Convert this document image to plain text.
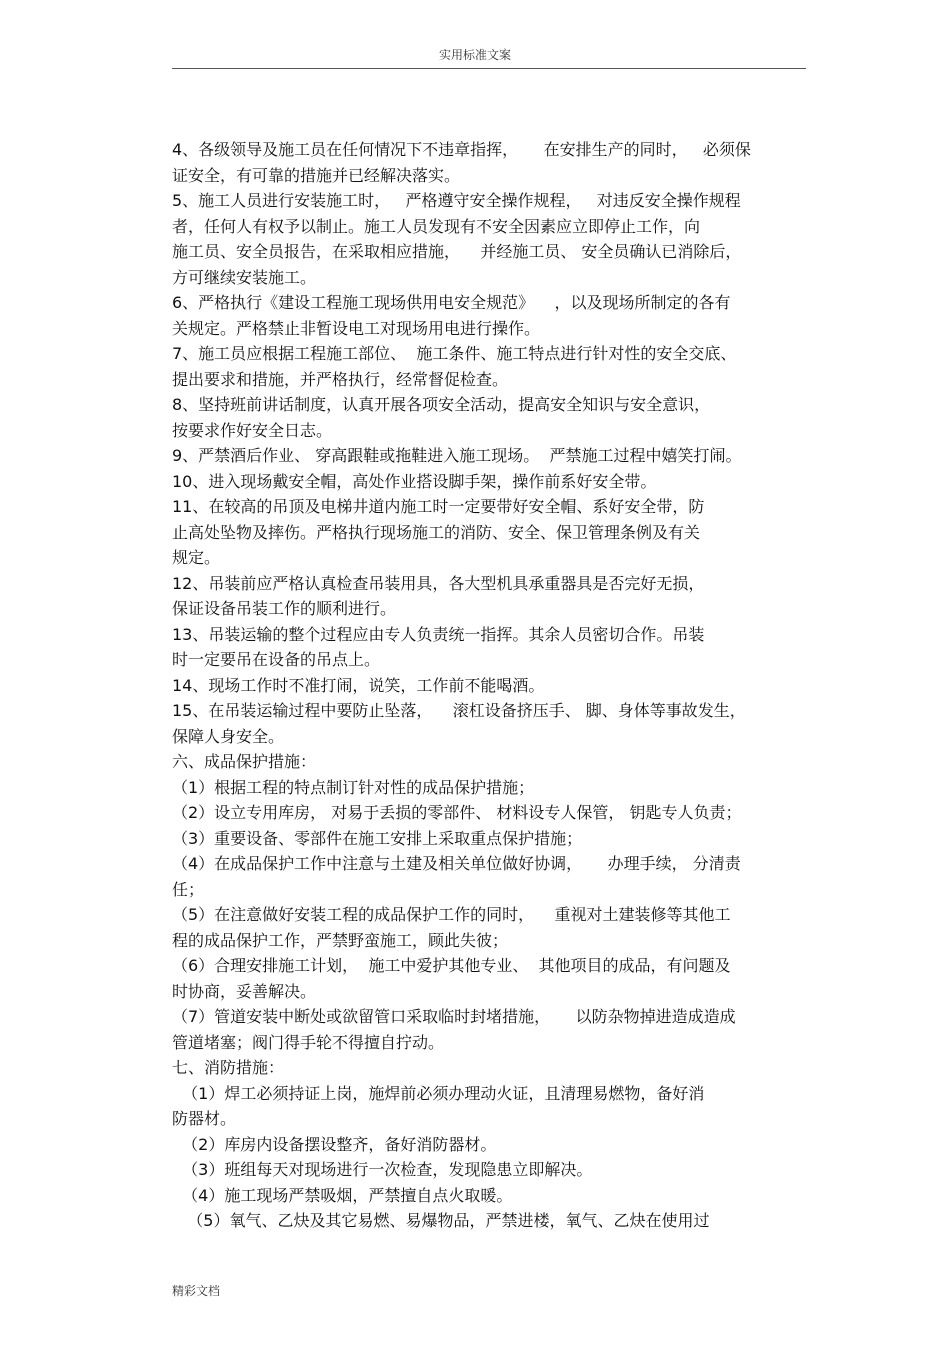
实用标准文案
4、各级领导及施工员在任何情况下不违章指挥，     在安排生产的同时，   必须保
证安全，有可靠的措施并已经解决落实。
5、施工人员进行安装施工时，   严格遵守安全操作规程，   对违反安全操作规程
者，任何人有权予以制止。施工人员发现有不安全因素应立即停止工作，向
施工员、安全员报告，在采取相应措施，    并经施工员、 安全员确认已消除后，
方可继续安装施工。
6、严格执行《建设工程施工现场供用电安全规范》    ，以及现场所制定的各有
关规定。严格禁止非暂设电工对现场用电进行操作。
7、施工员应根据工程施工部位、  施工条件、施工特点进行针对性的安全交底、
提出要求和措施，并严格执行，经常督促检查。
8、坚持班前讲话制度，认真开展各项安全活动，提高安全知识与安全意识，
按要求作好安全日志。
9、严禁酒后作业、 穿高跟鞋或拖鞋进入施工现场。  严禁施工过程中嬉笑打闹。
10、进入现场戴安全帽，高处作业搭设脚手架，操作前系好安全带。
11、在较高的吊顶及电梯井道内施工时一定要带好安全帽、系好安全带，防
止高处坠物及摔伤。严格执行现场施工的消防、安全、保卫管理条例及有关
规定。
12、吊装前应严格认真检查吊装用具，各大型机具承重器具是否完好无损，
保证设备吊装工作的顺利进行。
13、吊装运输的整个过程应由专人负责统一指挥。其余人员密切合作。吊装
时一定要吊在设备的吊点上。
14、现场工作时不准打闹，说笑，工作前不能喝酒。
15、在吊装运输过程中要防止坠落，    滚杠设备挤压手、 脚、身体等事故发生，
保障人身安全。
六、成品保护措施：
（1）根据工程的特点制订针对性的成品保护措施；
（2）设立专用库房， 对易于丢损的零部件、 材料设专人保管， 钥匙专人负责；
（3）重要设备、零部件在施工安排上采取重点保护措施；
（4）在成品保护工作中注意与土建及相关单位做好协调，     办理手续， 分清责
任；
（5）在注意做好安装工程的成品保护工作的同时，    重视对土建装修等其他工
程的成品保护工作，严禁野蛮施工，顾此失彼；
（6）合理安排施工计划，  施工中爱护其他专业、  其他项目的成品，有问题及
时协商，妥善解决。
（7）管道安装中断处或欲留管口采取临时封堵措施，     以防杂物掉进造成造成
管道堵塞；阀门得手轮不得擅自拧动。
七、消防措施：
（1）焊工必须持证上岗，施焊前必须办理动火证，且清理易燃物，备好消
防器材。
（2）库房内设备摆设整齐，备好消防器材。
（3）班组每天对现场进行一次检查，发现隐患立即解决。
（4）施工现场严禁吸烟，严禁擅自点火取暖。
（5）氧气、乙炔及其它易燃、易爆物品，严禁进楼，氧气、乙炔在使用过
精彩文档
